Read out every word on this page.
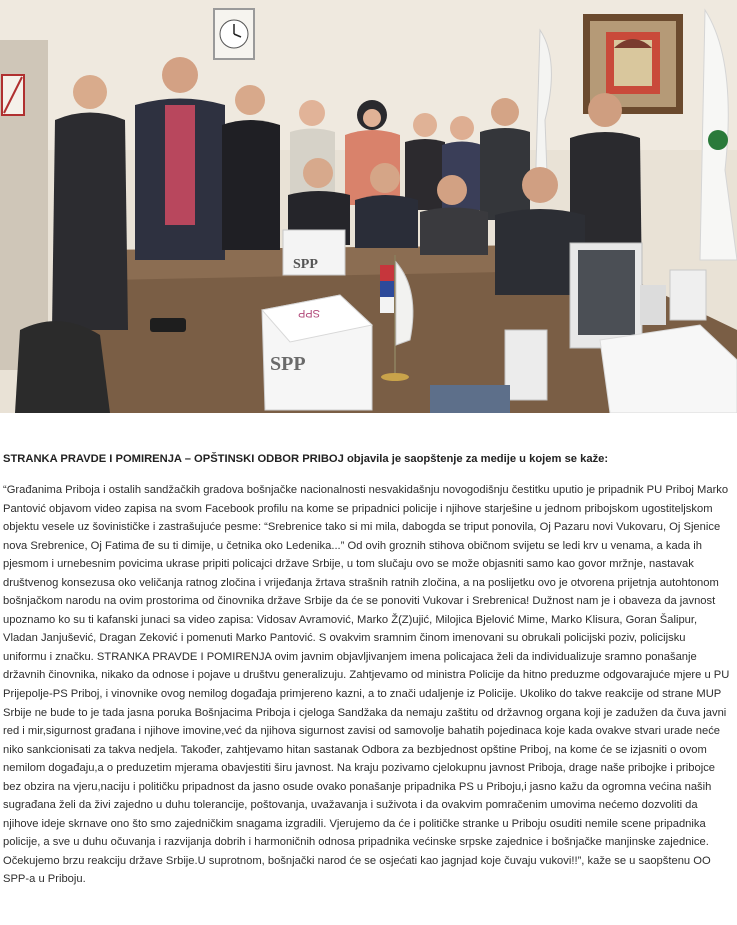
SPP
SPP
SPP

STRANKA PRAVDE I POMIRENJA – OPŠTINSKI ODBOR PRIBOJ objavila je saopštenje za medije u kojem se kaže:

“Građanima Priboja i ostalih sandžačkih gradova bošnjačke nacionalnosti nesvakidašnju novogodišnju čestitku uputio je pripadnik PU Priboj Marko Pantović objavom video zapisa na svom Facebook profilu na kome se pripadnici policije i njihove starješine u jednom pribojskom ugostiteljskom objektu vesele uz šovinističke i zastrašujuće pesme: “Srebrenice tako si mi mila, dabogda se triput ponovila, Oj Pazaru novi Vukovaru, Oj Sjenice nova Srebrenice, Oj Fatima đe su ti dimije, u četnika oko Ledenika...” Od ovih groznih stihova običnom svijetu se ledi krv u venama, a kada ih pjesmom i urnebesnim povicima ukrase pripiti policajci države Srbije, u tom slučaju ovo se može objasniti samo kao govor mržnje, nastavak društvenog konsezusa oko veličanja ratnog zločina i vrijeđanja žrtava strašnih ratnih zločina, a na poslijetku ovo je otvorena prijetnja autohtonom bošnjačkom narodu na ovim prostorima od činovnika države Srbije da će se ponoviti Vukovar i Srebrenica! Dužnost nam je i obaveza da javnost upoznamo ko su ti kafanski junaci sa video zapisa: Vidosav Avramović, Marko Ž(Z)ujić, Milojica Bjelović Mime, Marko Klisura, Goran Šalipur, Vladan Janjušević, Dragan Zeković i pomenuti Marko Pantović. S ovakvim sramnim činom imenovani su obrukali policijski poziv, policijsku uniformu i značku. STRANKA PRAVDE I POMIRENJA ovim javnim objavljivanjem imena policajaca želi da individualizuje sramno ponašanje državnih činovnika, nikako da odnose i pojave u društvu generalizuju. Zahtjevamo od ministra Policije da hitno preduzme odgovarajuće mjere u PU Prijepolje-PS Priboj, i vinovnike ovog nemilog događaja primjereno kazni, a to znači udaljenje iz Policije. Ukoliko do takve reakcije od strane MUP Srbije ne bude to je tada jasna poruka Bošnjacima Priboja i cjeloga Sandžaka da nemaju zaštitu od državnog organa koji je zadužen da čuva javni red i mir,sigurnost građana i njihove imovine,već da njihova sigurnost zavisi od samovolje bahatih pojedinaca koje kada ovakve stvari urade neće niko sankcionisati za takva nedjela. Također, zahtjevamo hitan sastanak Odbora za bezbjednost opštine Priboj, na kome će se izjasniti o ovom nemilom događaju,a o preduzetim mjerama obavjestiti širu javnost. Na kraju pozivamo cjelokupnu javnost Priboja, drage naše pribojke i pribojce bez obzira na vjeru,naciju i političku pripadnost da jasno osude ovako ponašanje pripadnika PS u Priboju,i jasno kažu da ogromna većina naših sugrađana želi da živi zajedno u duhu tolerancije, poštovanja, uvažavanja i suživota i da ovakvim pomračenim umovima nećemo dozvoliti da njihove ideje skrnave ono što smo zajedničkim snagama izgradili. Vjerujemo da će i političke stranke u Priboju osuditi nemile scene pripadnika policije, a sve u duhu očuvanja i razvijanja dobrih i harmoničnih odnosa pripadnika većinske srpske zajednice i bošnjačke manjinske zajednice. Očekujemo brzu reakciju države Srbije.U suprotnom, bošnjački narod će se osjećati kao jagnjad koje čuvaju vukovi!!”, kaže se u saopštenu OO SPP-a u Priboju.
